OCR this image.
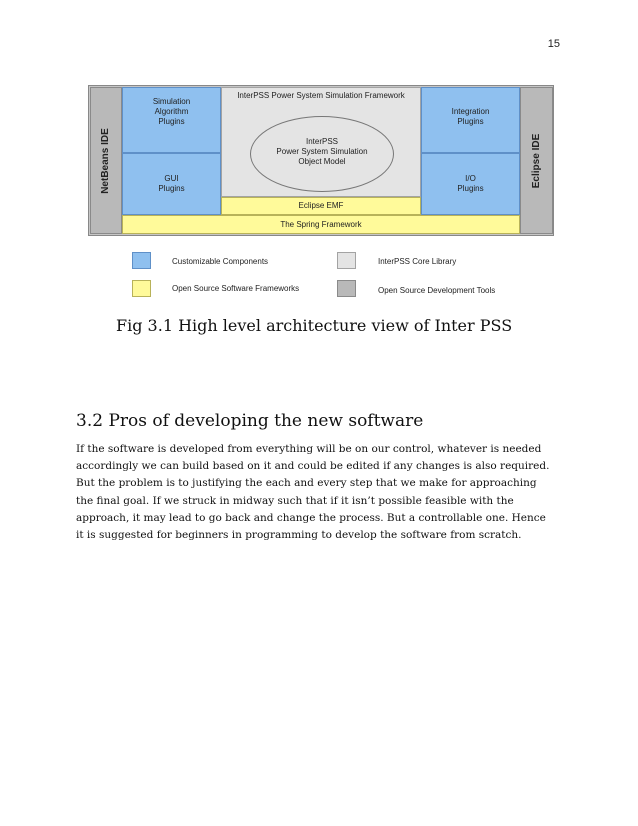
15
NetBeans IDE	Eclipse IDE
Simulation
Algorithm
Plugins
GUI
Plugins
InterPSS Power System Simulation Framework
InterPSS
Power System Simulation
Object Model
Integration
Plugins
I/O
Plugins
Eclipse EMF
The Spring Framework
Customizable Components	InterPSS Core Library
Open Source Software Frameworks	Open Source Development Tools
Fig 3.1 High level architecture view of Inter PSS
3.2 Pros of developing the new software
If the software is developed from everything will be on our control, whatever is needed
accordingly we can build based on it and could be edited if any changes is also required.
But the problem is to justifying the each and every step that we make for approaching
the final goal. If we struck in midway such that if it isn’t possible feasible with the
approach, it may lead to go back and change the process. But a controllable one. Hence
it is suggested for beginners in programming to develop the software from scratch.
